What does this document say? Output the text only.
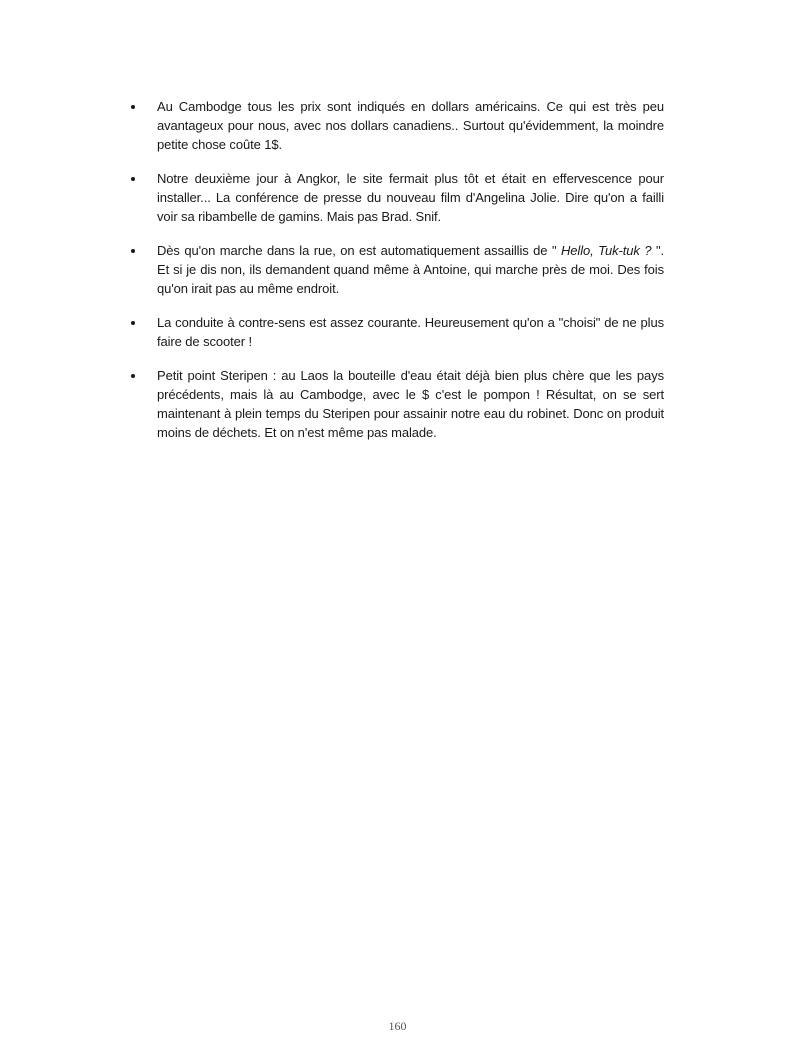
Au Cambodge tous les prix sont indiqués en dollars américains. Ce qui est très peu avantageux pour nous, avec nos dollars canadiens.. Surtout qu'évidemment, la moindre petite chose coûte 1$.
Notre deuxième jour à Angkor, le site fermait plus tôt et était en effervescence pour installer... La conférence de presse du nouveau film d'Angelina Jolie. Dire qu'on a failli voir sa ribambelle de gamins. Mais pas Brad. Snif.
Dès qu'on marche dans la rue, on est automatiquement assaillis de " Hello, Tuk-tuk ? ". Et si je dis non, ils demandent quand même à Antoine, qui marche près de moi. Des fois qu'on irait pas au même endroit.
La conduite à contre-sens est assez courante. Heureusement qu'on a "choisi" de ne plus faire de scooter !
Petit point Steripen : au Laos la bouteille d'eau était déjà bien plus chère que les pays précédents, mais là au Cambodge, avec le $ c'est le pompon ! Résultat, on se sert maintenant à plein temps du Steripen pour assainir notre eau du robinet. Donc on produit moins de déchets. Et on n'est même pas malade.
160
